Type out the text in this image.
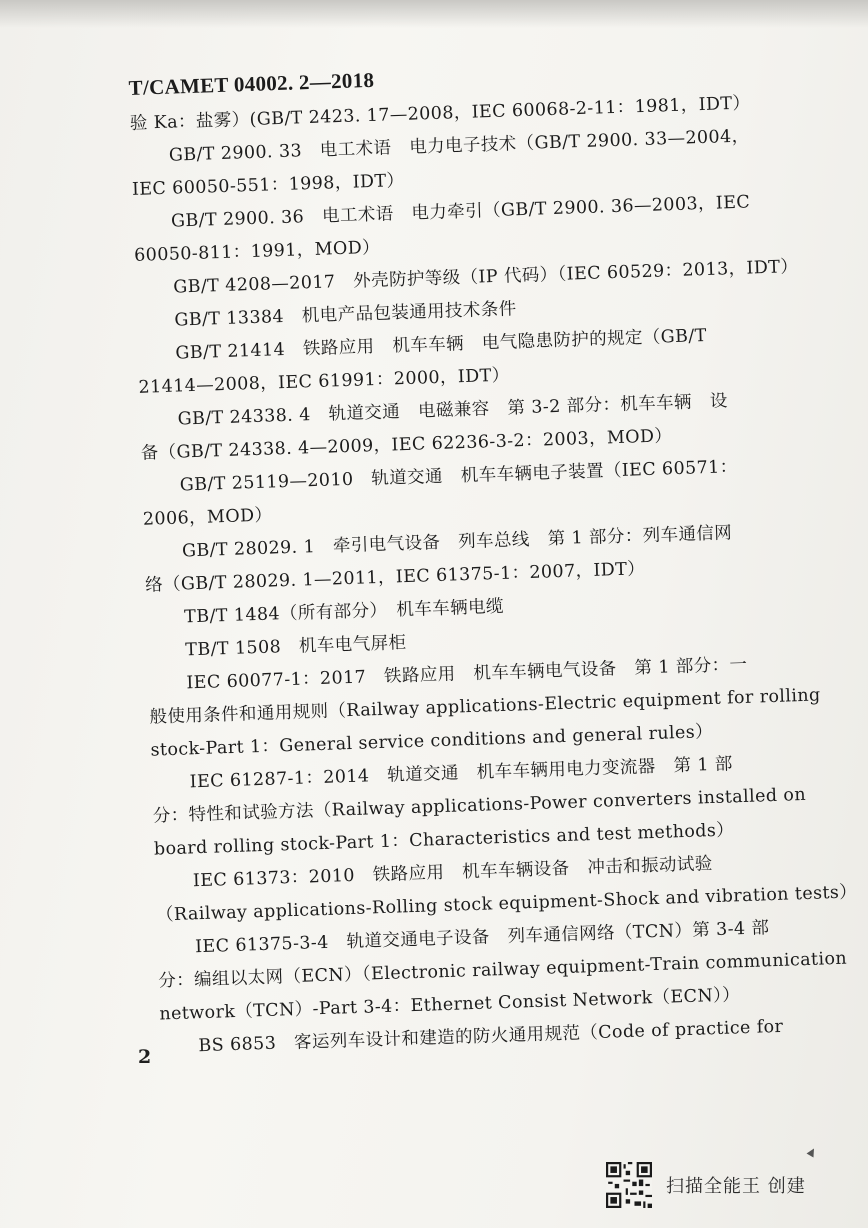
T/CAMET 04002. 2—2018
验 Ka：盐雾）(GB/T 2423. 17—2008，IEC 60068-2-11：1981，IDT）
GB/T 2900. 33　电工术语　电力电子技术（GB/T 2900. 33—2004，
IEC 60050-551：1998，IDT）
GB/T 2900. 36　电工术语　电力牵引（GB/T 2900. 36—2003，IEC
60050-811：1991，MOD）
GB/T 4208—2017　外壳防护等级（IP 代码）（IEC 60529：2013，IDT）
GB/T 13384　机电产品包装通用技术条件
GB/T 21414　铁路应用　机车车辆　电气隐患防护的规定（GB/T
21414—2008，IEC 61991：2000，IDT）
GB/T 24338. 4　轨道交通　电磁兼容　第 3-2 部分：机车车辆　设
备（GB/T 24338. 4—2009，IEC 62236-3-2：2003，MOD）
GB/T 25119—2010　轨道交通　机车车辆电子装置（IEC 60571：
2006，MOD）
GB/T 28029. 1　牵引电气设备　列车总线　第 1 部分：列车通信网
络（GB/T 28029. 1—2011，IEC 61375-1：2007，IDT）
TB/T 1484（所有部分）　机车车辆电缆
TB/T 1508　机车电气屏柜
IEC 60077-1：2017　铁路应用　机车车辆电气设备　第 1 部分：一
般使用条件和通用规则（Railway applications-Electric equipment for rolling
stock-Part 1：General service conditions and general rules）
IEC 61287-1：2014　轨道交通　机车车辆用电力变流器　第 1 部
分：特性和试验方法（Railway applications-Power converters installed on
board rolling stock-Part 1：Characteristics and test methods）
IEC 61373：2010　铁路应用　机车车辆设备　冲击和振动试验
（Railway applications-Rolling stock equipment-Shock and vibration tests）
IEC 61375-3-4　轨道交通电子设备　列车通信网络（TCN）第 3-4 部
分：编组以太网（ECN）（Electronic railway equipment-Train communication
network（TCN）-Part 3-4：Ethernet Consist Network（ECN））
BS 6853　客运列车设计和建造的防火通用规范（Code of practice for
2
扫描全能王 创建
